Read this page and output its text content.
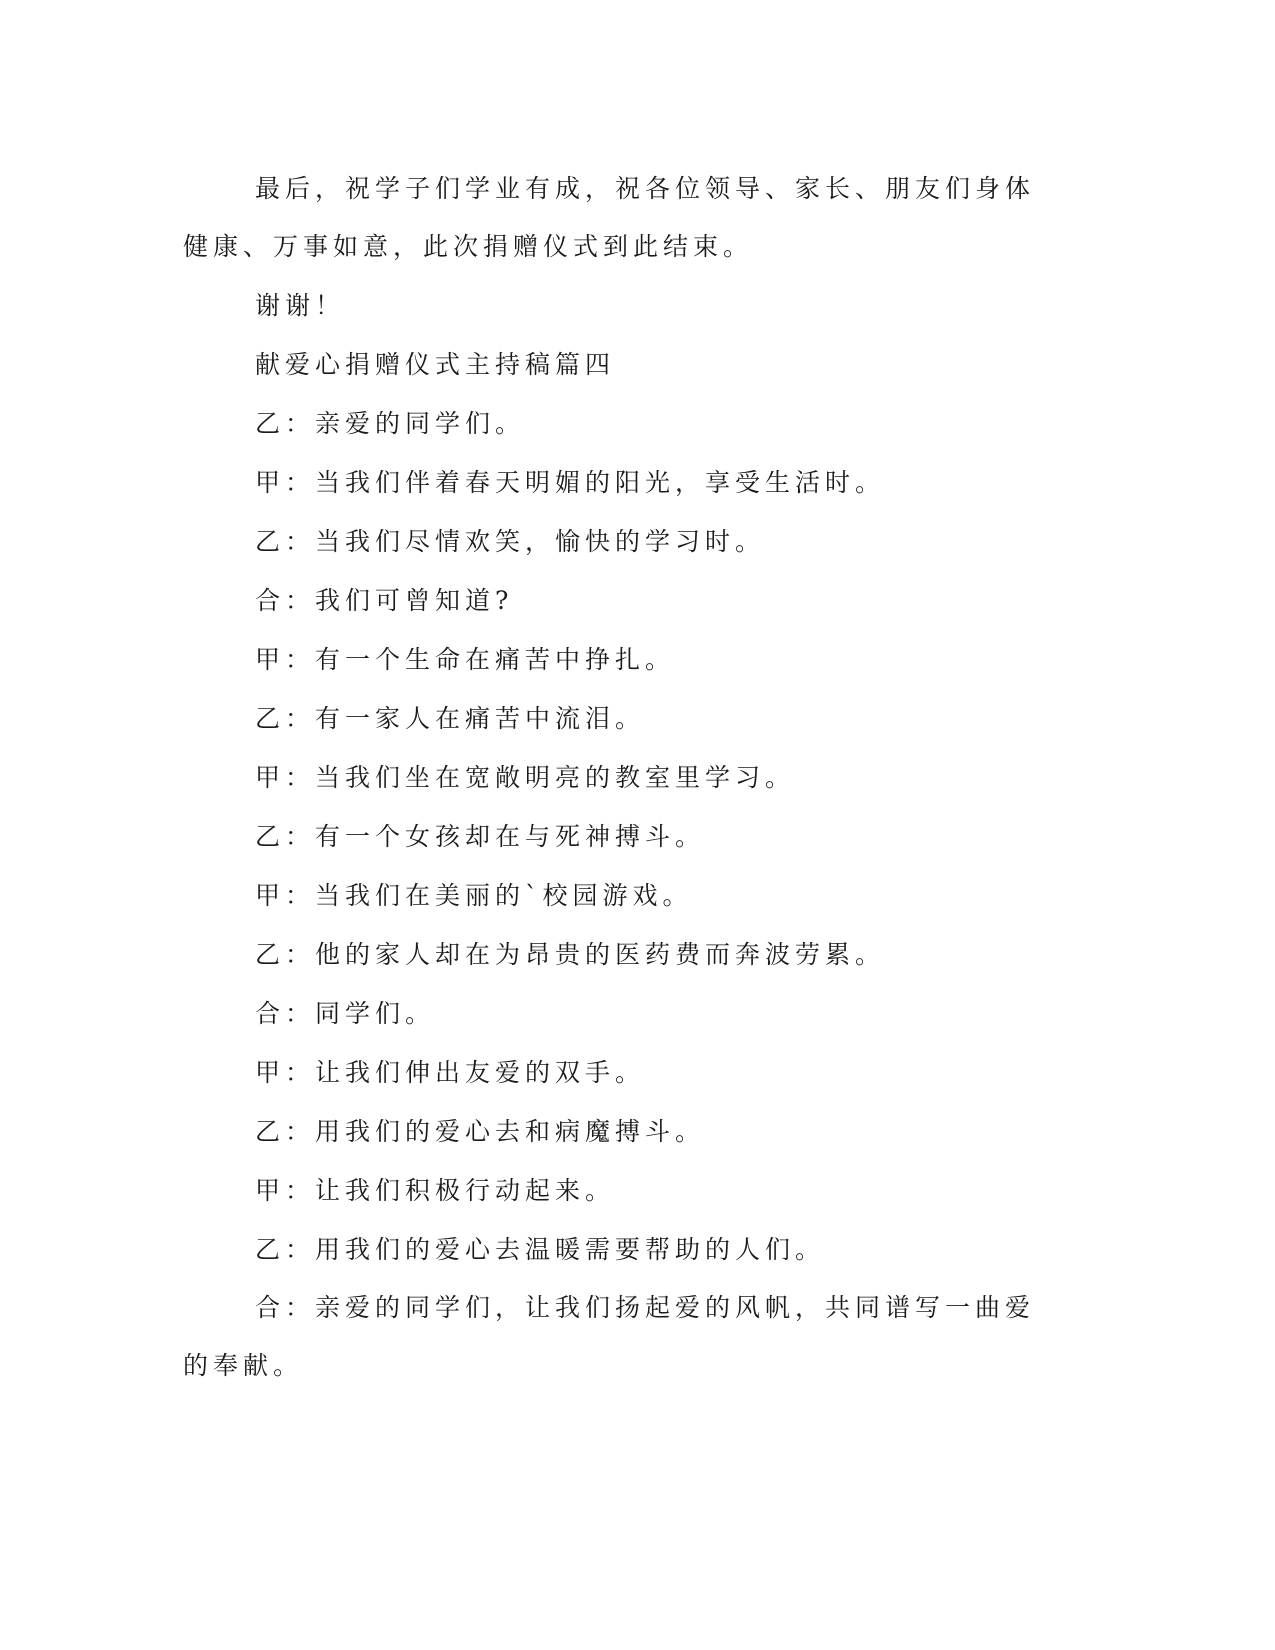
最后，祝学子们学业有成，祝各位领导、家长、朋友们身体健康、万事如意，此次捐赠仪式到此结束。

谢谢！

献爱心捐赠仪式主持稿篇四

乙：亲爱的同学们。

甲：当我们伴着春天明媚的阳光，享受生活时。

乙：当我们尽情欢笑，愉快的学习时。

合：我们可曾知道?

甲：有一个生命在痛苦中挣扎。

乙：有一家人在痛苦中流泪。

甲：当我们坐在宽敞明亮的教室里学习。

乙：有一个女孩却在与死神搏斗。

甲：当我们在美丽的`校园游戏。

乙：他的家人却在为昂贵的医药费而奔波劳累。

合：同学们。

甲：让我们伸出友爱的双手。

乙：用我们的爱心去和病魔搏斗。

甲：让我们积极行动起来。

乙：用我们的爱心去温暖需要帮助的人们。

合：亲爱的同学们，让我们扬起爱的风帆，共同谱写一曲爱的奉献。
